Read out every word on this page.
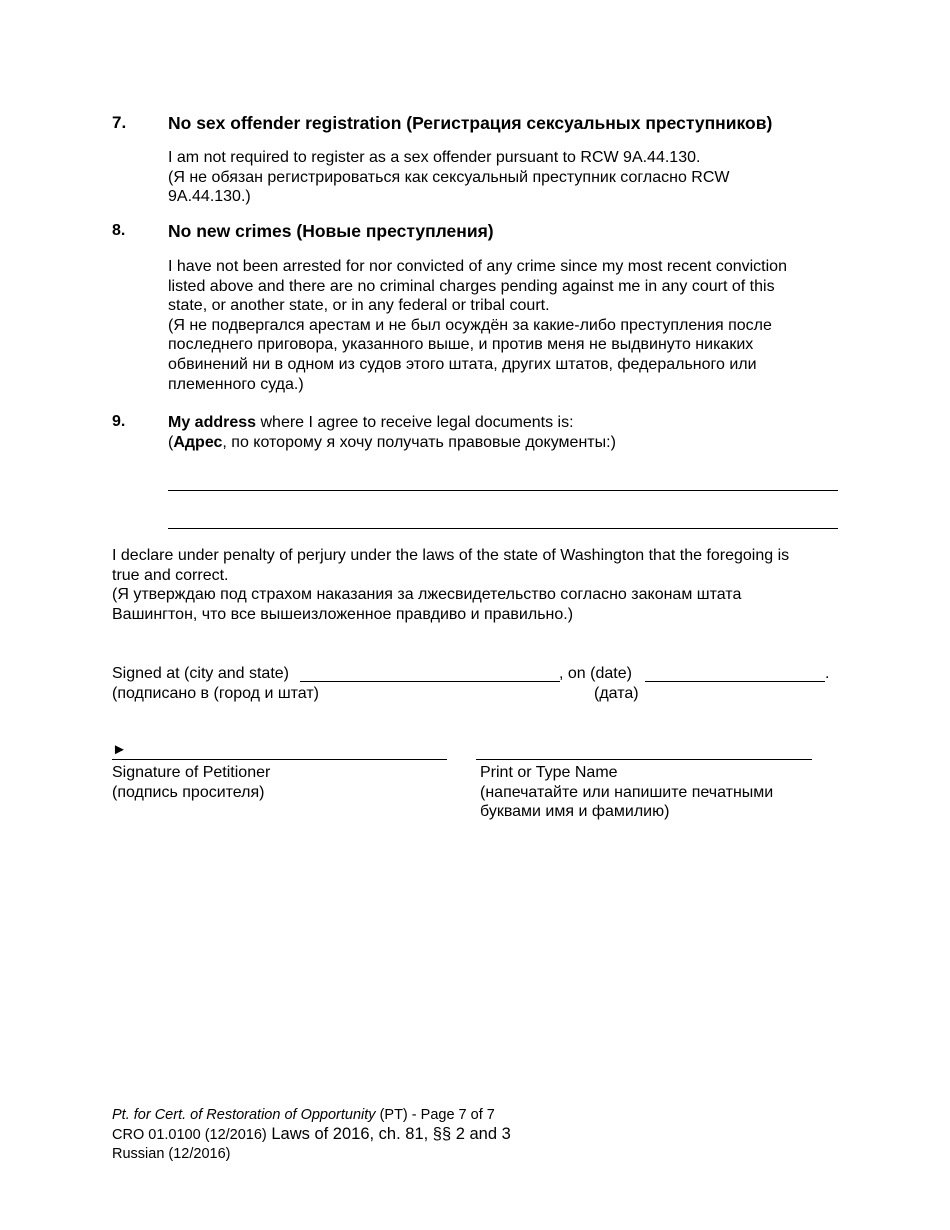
7. No sex offender registration (Регистрация сексуальных преступников)
I am not required to register as a sex offender pursuant to RCW 9A.44.130.
(Я не обязан регистрироваться как сексуальный преступник согласно RCW
9A.44.130.)
8. No new crimes (Новые преступления)
I have not been arrested for nor convicted of any crime since my most recent conviction
listed above and there are no criminal charges pending against me in any court of this
state, or another state, or in any federal or tribal court.
(Я не подвергался арестам и не был осуждён за какие-либо преступления после
последнего приговора, указанного выше, и против меня не выдвинуто никаких
обвинений ни в одном из судов этого штата, других штатов, федерального или
племенного суда.)
9.	My address where I agree to receive legal documents is:
(Адрес, по которому я хочу получать правовые документы:)
I declare under penalty of perjury under the laws of the state of Washington that the foregoing is
true and correct.
(Я утверждаю под страхом наказания за лжесвидетельство согласно законам штата
Вашингтон, что все вышеизложенное правдиво и правильно.)
Signed at (city and state)	, on (date)	.
(подписано в (город и штат)	(дата)
►
Signature of Petitioner
(подпись просителя)
Print or Type Name
(напечатайте или напишите печатными
буквами имя и фамилию)
Pt. for Cert. of Restoration of Opportunity (PT) - Page 7 of 7
CRO 01.0100 (12/2016) Laws of 2016, ch. 81, §§ 2 and 3
Russian (12/2016)
